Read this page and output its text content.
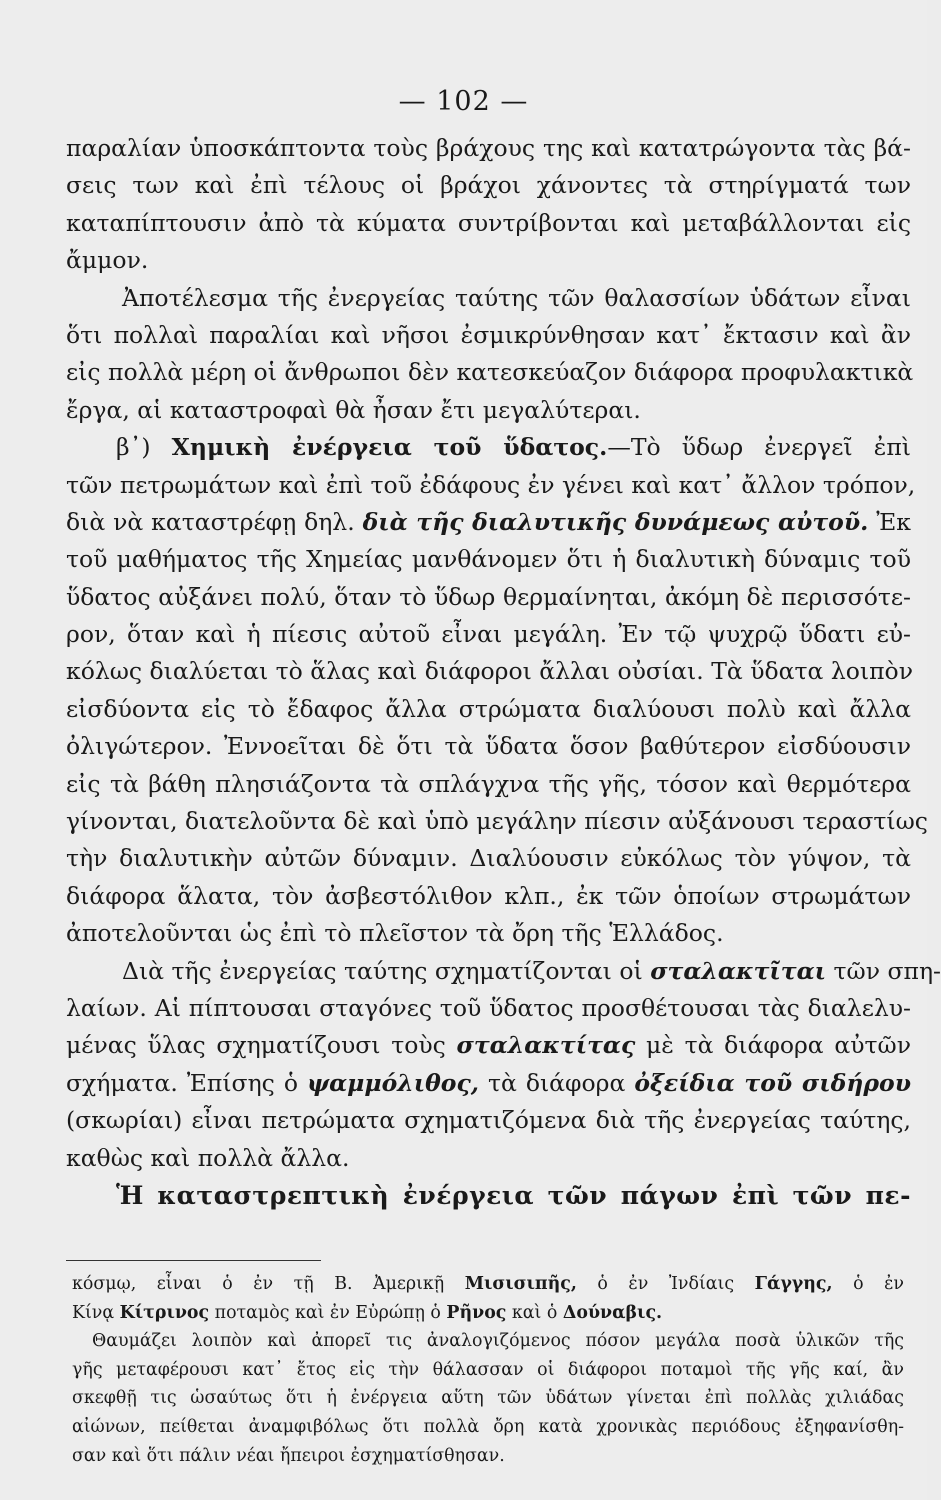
— 102 —
παραλίαν ὑποσκάπτοντα τοὺς βράχους της καὶ κατατρώγοντα τὰς βά-
σεις των καὶ ἐπὶ τέλους οἱ βράχοι χάνοντες τὰ στηρίγματά των
καταπίπτουσιν ἀπὸ τὰ κύματα συντρίβονται καὶ μεταβάλλονται εἰς
ἄμμον.
Ἀποτέλεσμα τῆς ἐνεργείας ταύτης τῶν θαλασσίων ὑδάτων εἶναι
ὅτι πολλαὶ παραλίαι καὶ νῆσοι ἐσμικρύνθησαν κατ᾽ ἔκτασιν καὶ ἂν
εἰς πολλὰ μέρη οἱ ἄνθρωποι δὲν κατεσκεύαζον διάφορα προφυλακτικὰ
ἔργα, αἱ καταστροφαὶ θὰ ἦσαν ἔτι μεγαλύτεραι.
β᾽) Χημικὴ ἐνέργεια τοῦ ὕδατος.—Τὸ ὕδωρ ἐνεργεῖ ἐπὶ
τῶν πετρωμάτων καὶ ἐπὶ τοῦ ἐδάφους ἐν γένει καὶ κατ᾽ ἄλλον τρόπον,
διὰ νὰ καταστρέφῃ δηλ. διὰ τῆς διαλυτικῆς δυνάμεως αὐτοῦ. Ἐκ
τοῦ μαθήματος τῆς Χημείας μανθάνομεν ὅτι ἡ διαλυτικὴ δύναμις τοῦ
ὕδατος αὐξάνει πολύ, ὅταν τὸ ὕδωρ θερμαίνηται, ἀκόμη δὲ περισσότε-
ρον, ὅταν καὶ ἡ πίεσις αὐτοῦ εἶναι μεγάλη. Ἐν τῷ ψυχρῷ ὕδατι εὐ-
κόλως διαλύεται τὸ ἅλας καὶ διάφοροι ἄλλαι οὐσίαι. Τὰ ὕδατα λοιπὸν
εἰσδύοντα εἰς τὸ ἔδαφος ἄλλα στρώματα διαλύουσι πολὺ καὶ ἄλλα
ὀλιγώτερον. Ἐννοεῖται δὲ ὅτι τὰ ὕδατα ὅσον βαθύτερον εἰσδύουσιν
εἰς τὰ βάθη πλησιάζοντα τὰ σπλάγχνα τῆς γῆς, τόσον καὶ θερμότερα
γίνονται, διατελοῦντα δὲ καὶ ὑπὸ μεγάλην πίεσιν αὐξάνουσι τεραστίως
τὴν διαλυτικὴν αὐτῶν δύναμιν. Διαλύουσιν εὐκόλως τὸν γύψον, τὰ
διάφορα ἅλατα, τὸν ἀσβεστόλιθον κλπ., ἐκ τῶν ὁποίων στρωμάτων
ἀποτελοῦνται ὡς ἐπὶ τὸ πλεῖστον τὰ ὄρη τῆς Ἑλλάδος.
Διὰ τῆς ἐνεργείας ταύτης σχηματίζονται οἱ σταλακτῖται τῶν σπη-
λαίων. Αἱ πίπτουσαι σταγόνες τοῦ ὕδατος προσθέτουσαι τὰς διαλελυ-
μένας ὕλας σχηματίζουσι τοὺς σταλακτίτας μὲ τὰ διάφορα αὐτῶν
σχήματα. Ἐπίσης ὁ ψαμμόλιθος, τὰ διάφορα ὀξείδια τοῦ σιδήρου
(σκωρίαι) εἶναι πετρώματα σχηματιζόμενα διὰ τῆς ἐνεργείας ταύτης,
καθὼς καὶ πολλὰ ἄλλα.
Ἡ καταστρεπτικὴ ἐνέργεια τῶν πάγων ἐπὶ τῶν πε-
κόσμῳ, εἶναι ὁ ἐν τῇ Β. Ἀμερικῇ Μισισιπῆς, ὁ ἐν Ἰνδίαις Γάγγης, ὁ ἐν
Κίνᾳ Κίτρινος ποταμὸς καὶ ἐν Εὐρώπῃ ὁ Ρῆνος καὶ ὁ Δούναβις.
Θαυμάζει λοιπὸν καὶ ἀπορεῖ τις ἀναλογιζόμενος πόσον μεγάλα ποσὰ ὑλικῶν τῆς
γῆς μεταφέρουσι κατ᾽ ἔτος εἰς τὴν θάλασσαν οἱ διάφοροι ποταμοὶ τῆς γῆς καί, ἂν
σκεφθῇ τις ὡσαύτως ὅτι ἡ ἐνέργεια αὕτη τῶν ὑδάτων γίνεται ἐπὶ πολλὰς χιλιάδας
αἰώνων, πείθεται ἀναμφιβόλως ὅτι πολλὰ ὄρη κατὰ χρονικὰς περιόδους ἐξηφανίσθη-
σαν καὶ ὅτι πάλιν νέαι ἤπειροι ἐσχηματίσθησαν.
